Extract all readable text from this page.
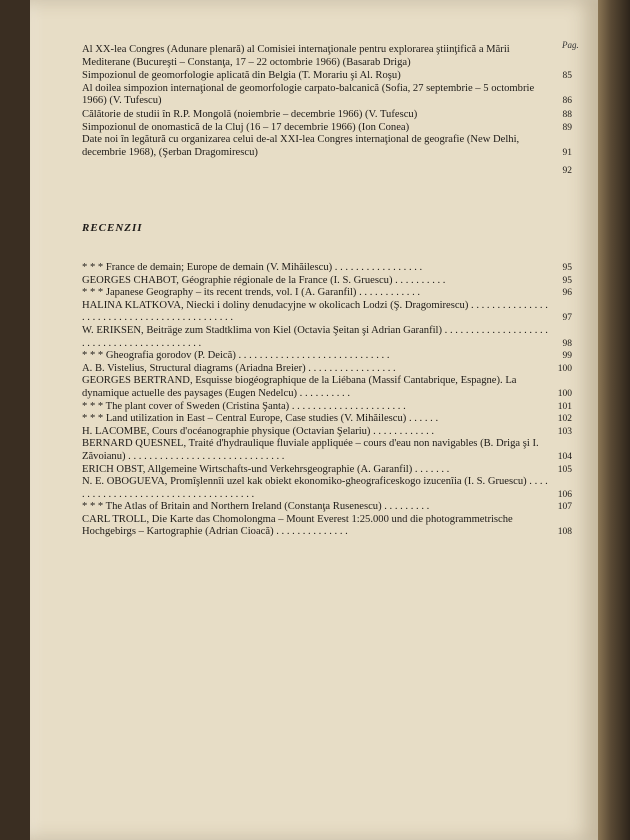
Pag.
Al XX-lea Congres (Adunare plenară) al Comisiei internaţionale pentru explorarea ştiinţifică a Mării Mediterane (Bucureşti – Constanţa, 17 – 22 octombrie 1966) (Basarab Driga)
Simpozionul de geomorfologie aplicată din Belgia (T. Morariu şi Al. Roşu)	85
Al doilea simpozion internaţional de geomorfologie carpato-balcanică (Sofia, 27 septembrie – 5 octombrie 1966) (V. Tufescu)	86
Călătorie de studii în R.P. Mongolă (noiembrie – decembrie 1966) (V. Tufescu)	88
Simpozionul de onomastică de la Cluj (16 – 17 decembrie 1966) (Ion Conea)	89
Date noi în legătură cu organizarea celui de-al XXI-lea Congres internaţional de geografie (New Delhi, decembrie 1968), (Şerban Dragomirescu)	91
92
RECENZII
* * * France de demain; Europe de demain (V. Mihăilescu) . . . . . . . . . . . . . . . . .	95
GEORGES CHABOT, Géographie régionale de la France (I. S. Gruescu) . . . . . . . . . .	95
* * * Japanese Geography – its recent trends, vol. I (A. Garanfil) . . . . . . . . . . . .	96
HALINA KLATKOVA, Niecki i doliny denudacyjne w okolicach Lodzi (Ş. Dragomirescu) . . . . . . . . . . . . . . . . . . . . . . . . . . . . . . . . . . . . . . . . . . . .	97
W. ERIKSEN, Beiträge zum Stadtklima von Kiel (Octavia Şeitan şi Adrian Garanfil) . . . . . . . . . . . . . . . . . . . . . . . . . . . . . . . . . . . . . . . . . . .	98
* * * Gheografia gorodov (P. Deică) . . . . . . . . . . . . . . . . . . . . . . . . . . . . .	99
A. B. Vistelius, Structural diagrams (Ariadna Breier) . . . . . . . . . . . . . . . . .	100
GEORGES BERTRAND, Esquisse biogéographique de la Liébana (Massif Cantabrique, Espagne). La dynamique actuelle des paysages (Eugen Nedelcu) . . . . . . . . . .	100
* * * The plant cover of Sweden (Cristina Şanta) . . . . . . . . . . . . . . . . . . . . . .	101
* * * Land utilization in East – Central Europe, Case studies (V. Mihăilescu) . . . . . .	102
H. LACOMBE, Cours d'océanographie physique (Octavian Şelariu) . . . . . . . . . . . .	103
BERNARD QUESNEL, Traité d'hydraulique fluviale appliquée – cours d'eau non navigables (B. Driga şi I. Zăvoianu) . . . . . . . . . . . . . . . . . . . . . . . . . . . . . .	104
ERICH OBST, Allgemeine Wirtschafts-und Verkehrsgeographie (A. Garanfil) . . . . . . .	105
N. E. OBOGUEVA, Promîşlennîi uzel kak obiekt ekonomiko-gheograficeskogo izucenîia (I. S. Gruescu) . . . . . . . . . . . . . . . . . . . . . . . . . . . . . . . . . . . . .	106
* * * The Atlas of Britain and Northern Ireland (Constanţa Rusenescu) . . . . . . . . .	107
CARL TROLL, Die Karte das Chomolongma – Mount Everest 1:25.000 und die photogrammetrische Hochgebirgs – Kartographie (Adrian Cioacă) . . . . . . . . . . . . . .	108
